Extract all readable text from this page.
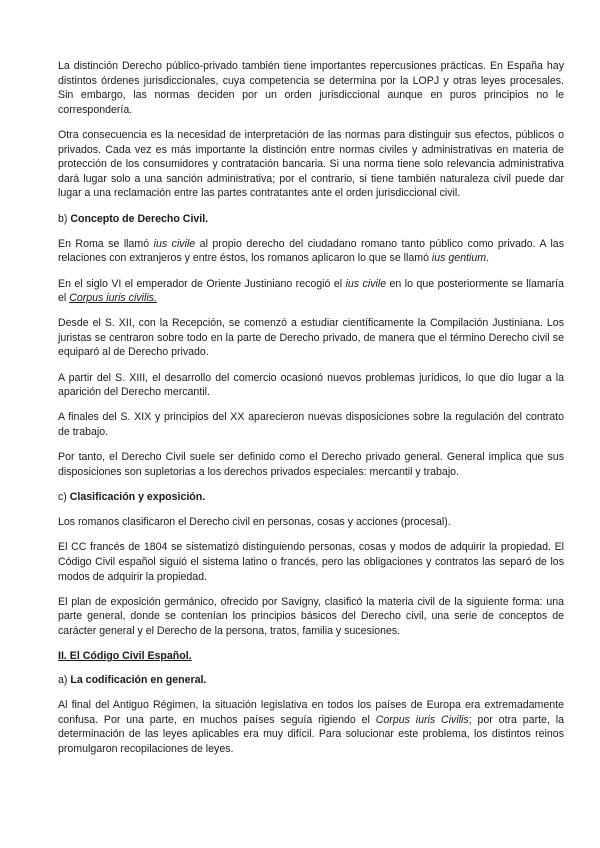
La distinción Derecho público-privado también tiene importantes repercusiones prácticas. En España hay distintos órdenes jurisdiccionales, cuya competencia se determina por la LOPJ y otras leyes procesales. Sin embargo, las normas deciden por un orden jurisdiccional aunque en puros principios no le correspondería.

Otra consecuencia es la necesidad de interpretación de las normas para distinguir sus efectos, públicos o privados. Cada vez es más importante la distinción entre normas civiles y administrativas en materia de protección de los consumidores y contratación bancaria. Si una norma tiene solo relevancia administrativa dará lugar solo a una sanción administrativa; por el contrario, si tiene también naturaleza civil puede dar lugar a una reclamación entre las partes contratantes ante el orden jurisdiccional civil.

b) Concepto de Derecho Civil.

En Roma se llamó ius civile al propio derecho del ciudadano romano tanto público como privado. A las relaciones con extranjeros y entre éstos, los romanos aplicaron lo que se llamó ius gentium.

En el siglo VI el emperador de Oriente Justiniano recogió el ius civile en lo que posteriormente se llamaría el Corpus iuris civilis.

Desde el S. XII, con la Recepción, se comenzó a estudiar científicamente la Compilación Justiniana. Los juristas se centraron sobre todo en la parte de Derecho privado, de manera que el término Derecho civil se equiparó al de Derecho privado.

A partir del S. XIII, el desarrollo del comercio ocasionó nuevos problemas jurídicos, lo que dio lugar a la aparición del Derecho mercantil.

A finales del S. XIX y principios del XX aparecieron nuevas disposiciones sobre la regulación del contrato de trabajo.

Por tanto, el Derecho Civil suele ser definido como el Derecho privado general. General implica que sus disposiciones son supletorias a los derechos privados especiales: mercantil y trabajo.

c) Clasificación y exposición.

Los romanos clasificaron el Derecho civil en personas, cosas y acciones (procesal).

El CC francés de 1804 se sistematizó distinguiendo personas, cosas y modos de adquirir la propiedad. El Código Civil español siguió el sistema latino o francés, pero las obligaciones y contratos las separó de los modos de adquirir la propiedad.

El plan de exposición germánico, ofrecido por Savigny, clasificó la materia civil de la siguiente forma: una parte general, donde se contenían los principios básicos del Derecho civil, una serie de conceptos de carácter general y el Derecho de la persona, tratos, familia y sucesiones.

II. El Código Civil Español.
a) La codificación en general.

Al final del Antiguo Régimen, la situación legislativa en todos los países de Europa era extremadamente confusa. Por una parte, en muchos países seguía rigiendo el Corpus iuris Civilis; por otra parte, la determinación de las leyes aplicables era muy difícil. Para solucionar este problema, los distintos reinos promulgaron recopilaciones de leyes.
